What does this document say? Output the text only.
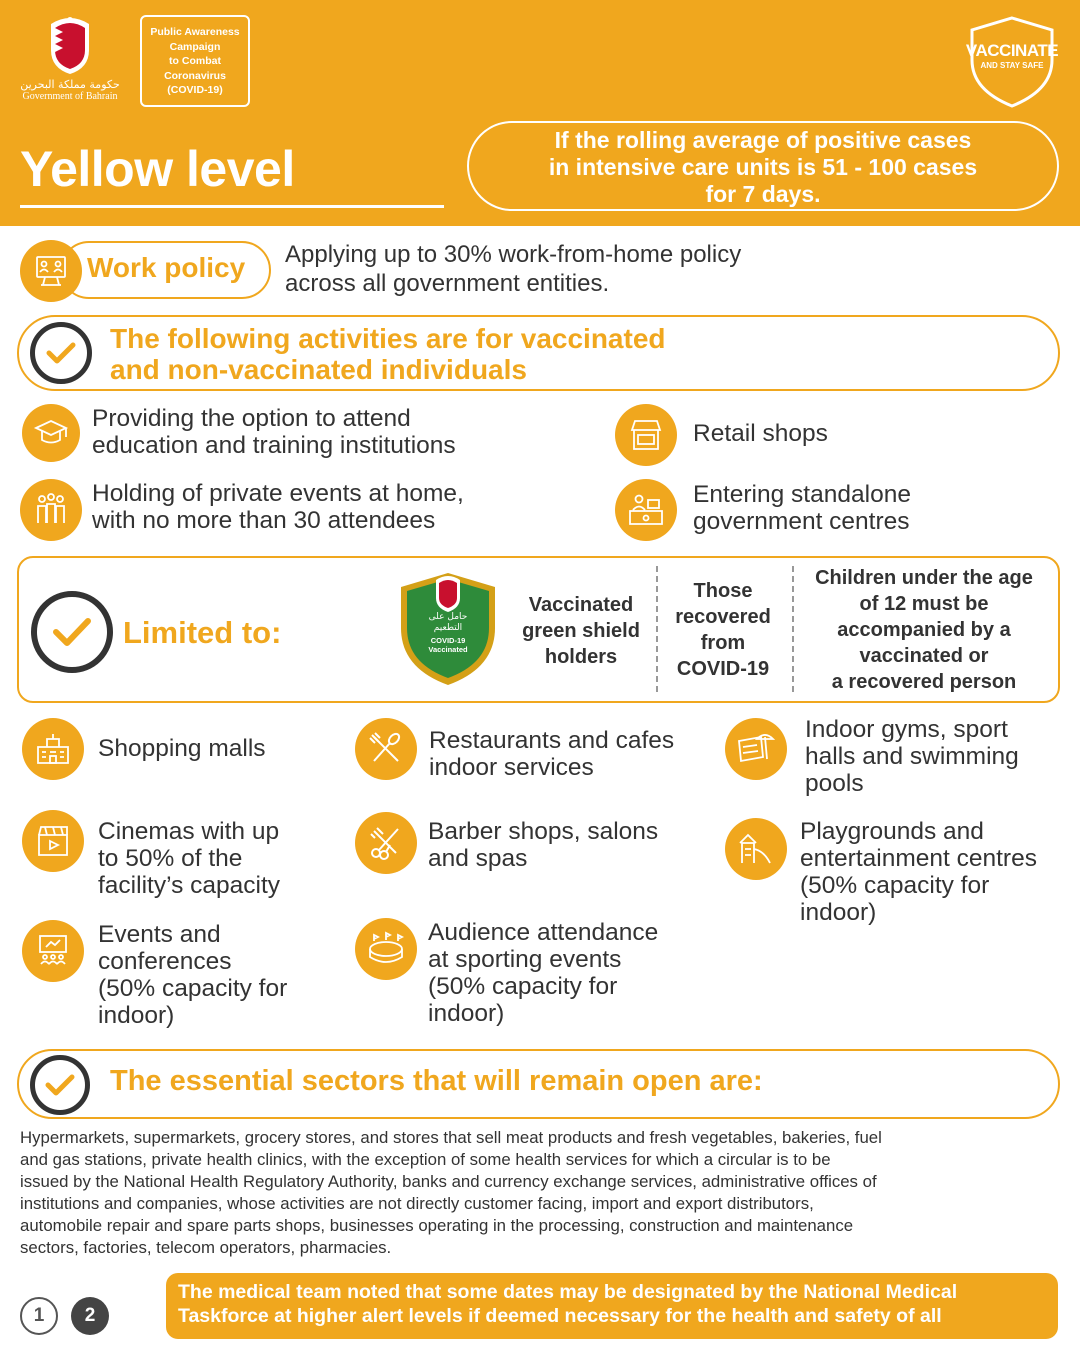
حكومة مملكة البحرين
Government of Bahrain
Public Awareness
Campaign
to Combat
Coronavirus
(COVID-19)
VACCINATE
AND STAY SAFE
Yellow level
If the rolling average of positive cases
in intensive care units is 51 - 100 cases
for 7 days.
Work policy Applying up to 30% work-from-home policy
across all government entities.
The following activities are for vaccinated
and non-vaccinated individuals
Providing the option to attend
education and training institutions	Retail shops
Holding of private events at home,
with no more than 30 attendees
Entering standalone
government centres
Limited to:	حامل على
التطعيم
COVID-19
Vaccinated
Vaccinated
green shield
holders
Those
recovered
from
COVID-19
Children under the age
of 12 must be
accompanied by a
vaccinated or
a recovered person
Shopping malls	Restaurants and cafes
indoor services
Indoor gyms, sport
halls and swimming
pools
Cinemas with up
to 50% of the
facility’s capacity
Barber shops, salons
and spas
Playgrounds and
entertainment centres
(50% capacity for
indoor)
Events and
conferences
(50% capacity for
indoor)
Audience attendance
at sporting events
(50% capacity for
indoor)
The essential sectors that will remain open are:
Hypermarkets, supermarkets, grocery stores, and stores that sell meat products and fresh vegetables, bakeries, fuel
and gas stations, private health clinics, with the exception of some health services for which a circular is to be
issued by the National Health Regulatory Authority, banks and currency exchange services, administrative offices of
institutions and companies, whose activities are not directly customer facing, import and export distributors,
automobile repair and spare parts shops, businesses operating in the processing, construction and maintenance
sectors, factories, telecom operators, pharmacies.
1	2
The medical team noted that some dates may be designated by the National Medical
Taskforce at higher alert levels if deemed necessary for the health and safety of all
